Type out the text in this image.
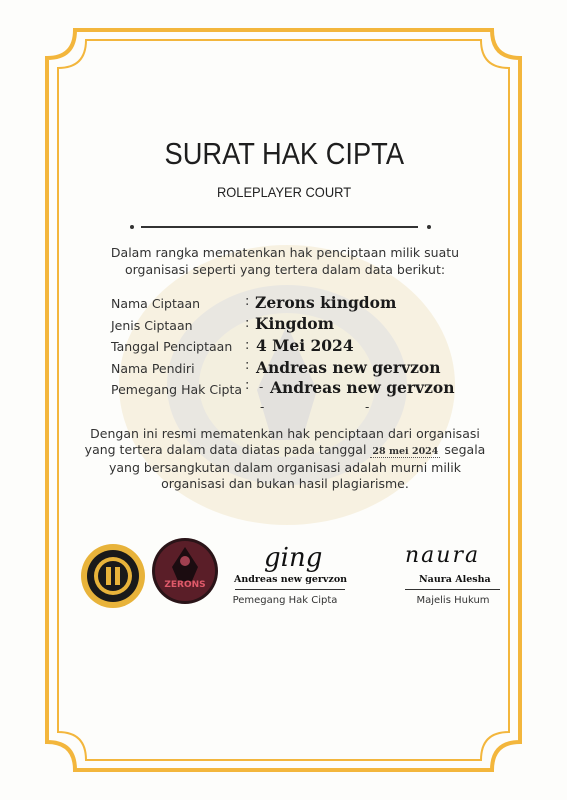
SURAT HAK CIPTA
ROLEPLAYER COURT
Dalam rangka mematenkan hak penciptaan milik suatu organisasi seperti yang tertera dalam data berikut:
Nama Ciptaan	: Zerons kingdom
Jenis Ciptaan	: Kingdom
Tanggal Penciptaan : 4 Mei 2024
Nama Pendiri	: Andreas new gervzon
Pemegang Hak Cipta : - Andreas new gervzon
-	-
Dengan ini resmi mematenkan hak penciptaan dari organisasi yang tertera dalam data diatas pada tanggal 28 mei 2024 segala yang bersangkutan dalam organisasi adalah murni milik organisasi dan bukan hasil plagiarisme.
ZERONS
ging
Andreas new gervzon
Pemegang Hak Cipta
naura
Naura Alesha
Majelis Hukum
